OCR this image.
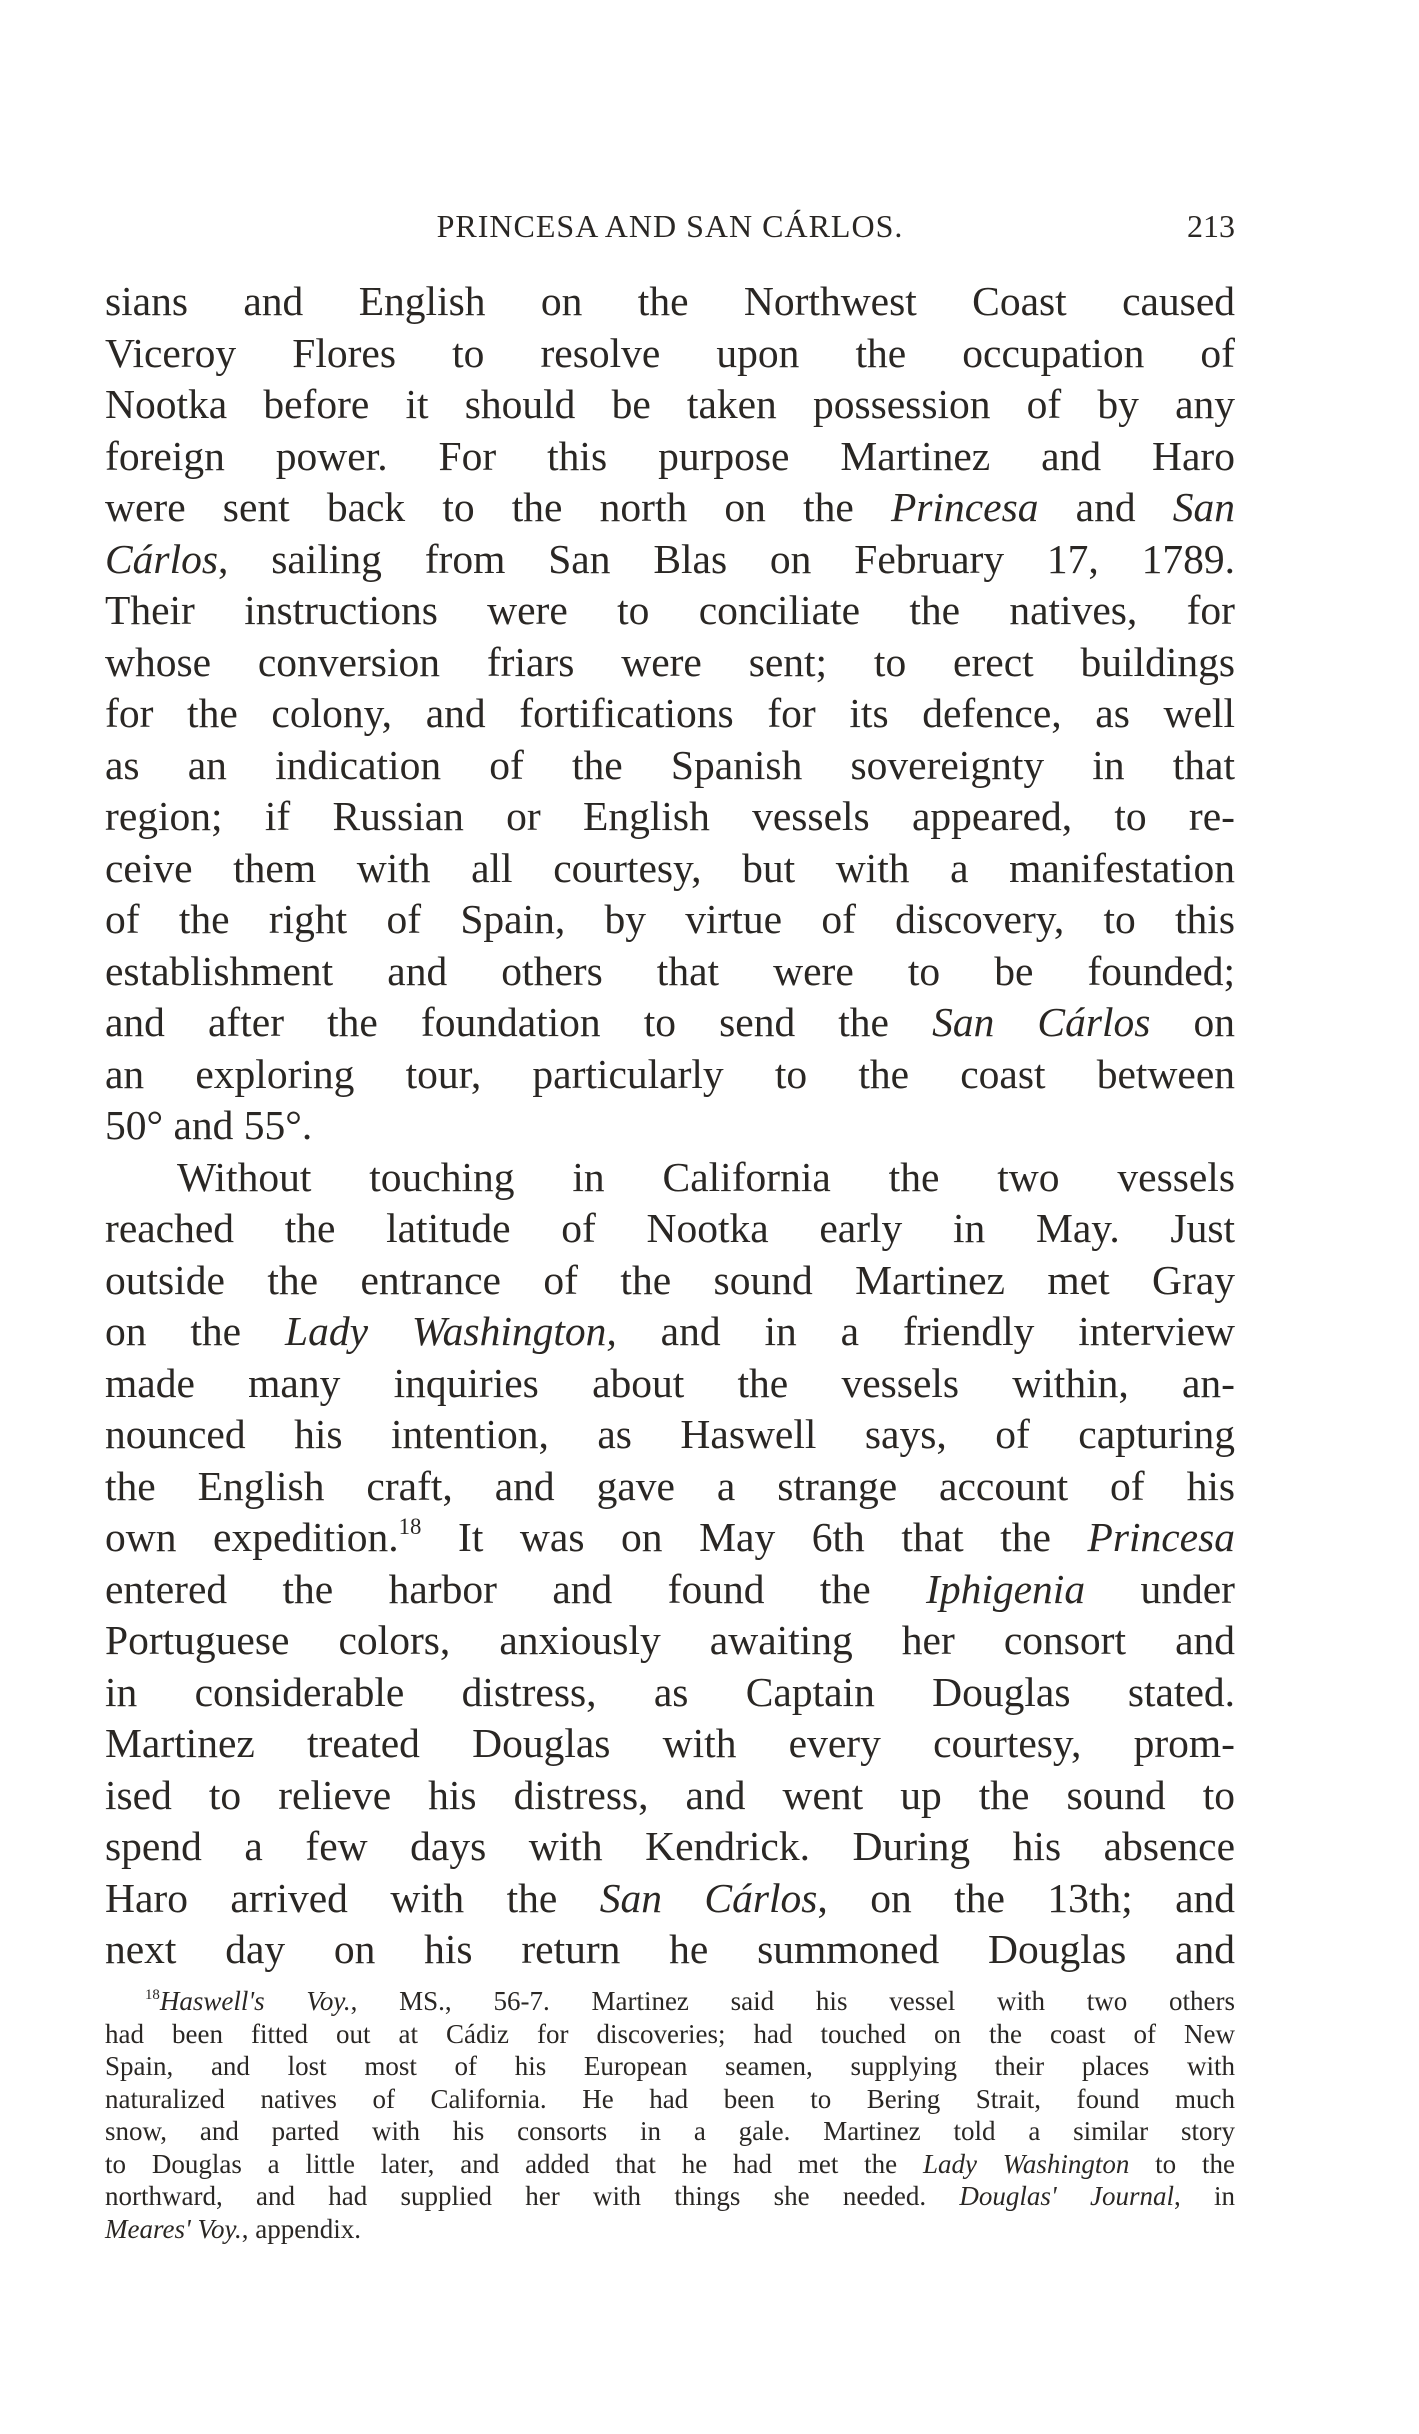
PRINCESA AND SAN CÁRLOS.	213
sians and English on the Northwest Coast caused
Viceroy Flores to resolve upon the occupation of
Nootka before it should be taken possession of by any
foreign power. For this purpose Martinez and Haro
were sent back to the north on the Princesa and San
Cárlos, sailing from San Blas on February 17, 1789.
Their instructions were to conciliate the natives, for
whose conversion friars were sent; to erect buildings
for the colony, and fortifications for its defence, as well
as an indication of the Spanish sovereignty in that
region; if Russian or English vessels appeared, to re-
ceive them with all courtesy, but with a manifestation
of the right of Spain, by virtue of discovery, to this
establishment and others that were to be founded;
and after the foundation to send the San Cárlos on
an exploring tour, particularly to the coast between
50° and 55°.
Without touching in California the two vessels
reached the latitude of Nootka early in May. Just
outside the entrance of the sound Martinez met Gray
on the Lady Washington, and in a friendly interview
made many inquiries about the vessels within, an-
nounced his intention, as Haswell says, of capturing
the English craft, and gave a strange account of his
own expedition.$^{18}$ It was on May 6th that the Princesa
entered the harbor and found the Iphigenia under
Portuguese colors, anxiously awaiting her consort and
in considerable distress, as Captain Douglas stated.
Martinez treated Douglas with every courtesy, prom-
ised to relieve his distress, and went up the sound to
spend a few days with Kendrick. During his absence
Haro arrived with the San Cárlos, on the 13th; and
next day on his return he summoned Douglas and
$^{18}$Haswell's Voy., MS., 56-7. Martinez said his vessel with two others
had been fitted out at Cádiz for discoveries; had touched on the coast of New
Spain, and lost most of his European seamen, supplying their places with
naturalized natives of California. He had been to Bering Strait, found much
snow, and parted with his consorts in a gale. Martinez told a similar story
to Douglas a little later, and added that he had met the Lady Washington to the
northward, and had supplied her with things she needed. Douglas' Journal, in
Meares' Voy., appendix.
